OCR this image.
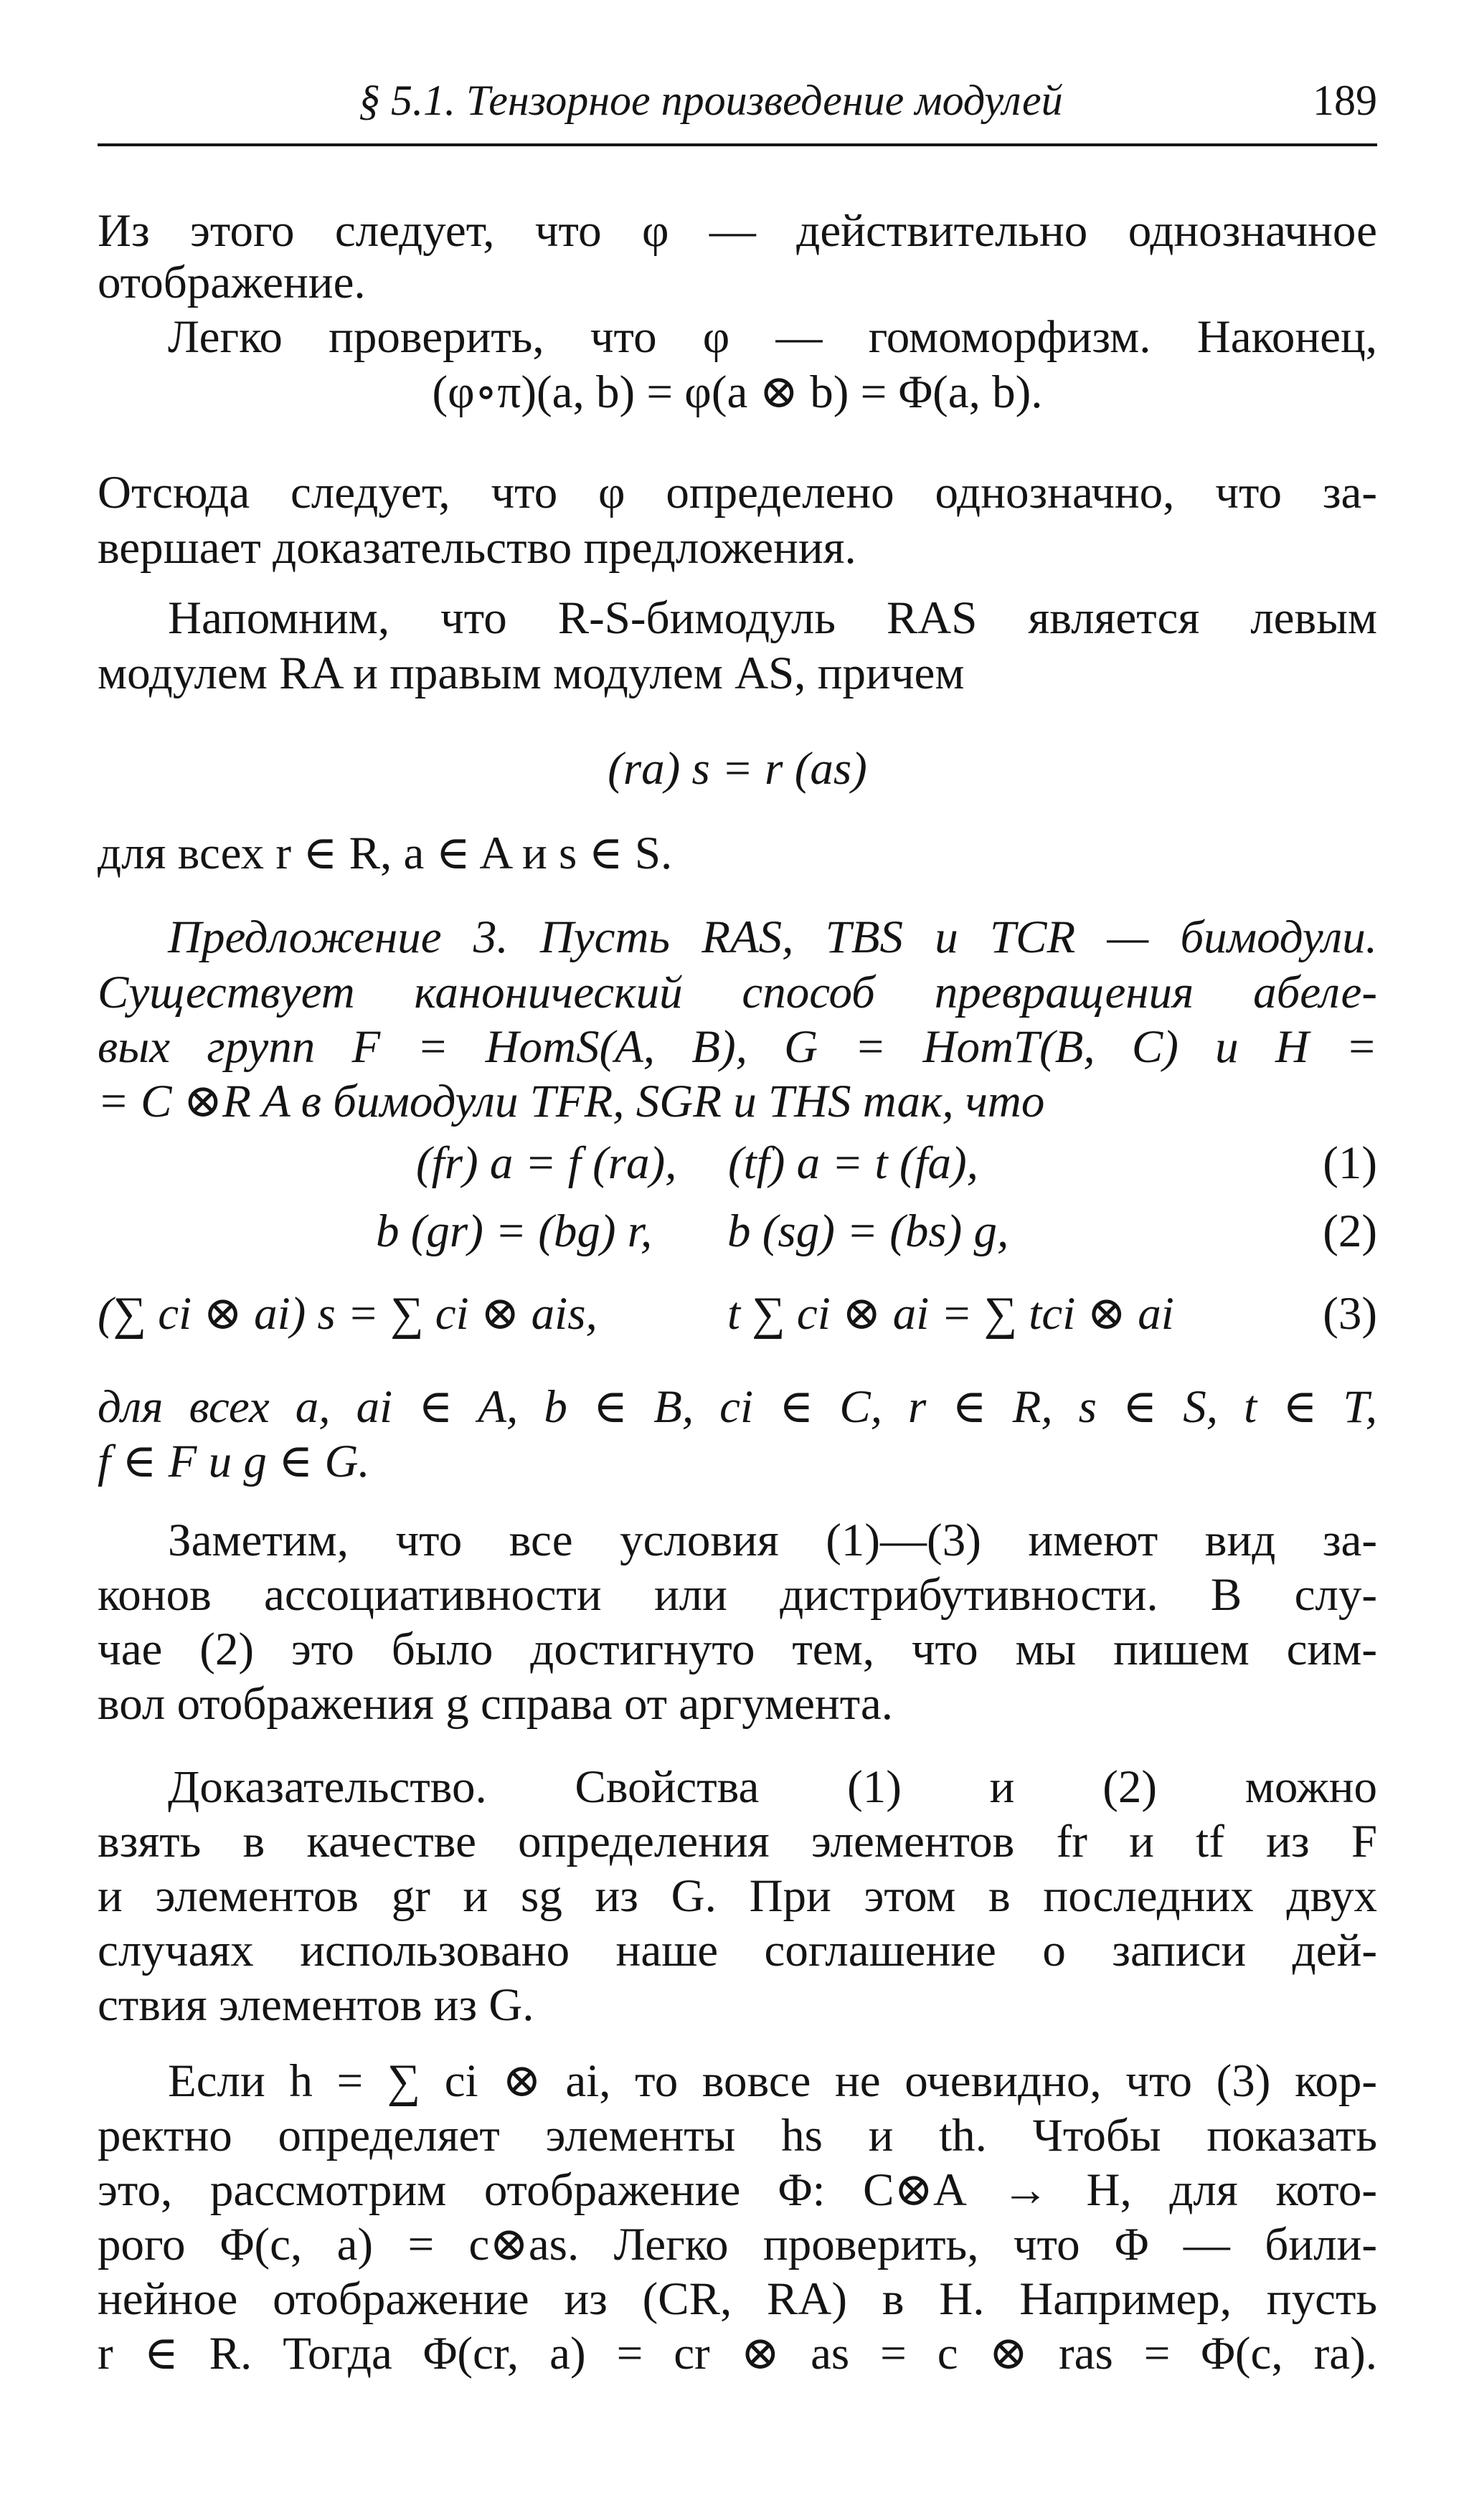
§ 5.1. Тензорное произведение модулей	189
Из этого следует, что φ — действительно однозначное
отображение.
Легко проверить, что φ — гомоморфизм. Наконец,
(φ∘π)(a, b) = φ(a ⊗ b) = Φ(a, b).
Отсюда следует, что φ определено однозначно, что за-
вершает доказательство предложения.
Напомним, что R-S-бимодуль RAS является левым
модулем RA и правым модулем AS, причем
(ra) s = r (as)
для всех r ∈ R, a ∈ A и s ∈ S.
Предложение 3. Пусть RAS, TBS и TCR — бимодули.
Существует канонический способ превращения абеле-
вых групп F = HomS(A, B), G = HomT(B, C) и H =
= C ⊗R A в бимодули TFR, SGR и THS так, что
(fr) a = f (ra), (tf) a = t (fa),	(1)
b (gr) = (bg) r, b (sg) = (bs) g,	(2)
(∑ ci ⊗ ai) s = ∑ ci ⊗ ais,	t ∑ ci ⊗ ai = ∑ tci ⊗ ai	(3)
для всех a, ai ∈ A, b ∈ B, ci ∈ C, r ∈ R, s ∈ S, t ∈ T,
f ∈ F и g ∈ G.
Заметим, что все условия (1)—(3) имеют вид за-
конов ассоциативности или дистрибутивности. В слу-
чае (2) это было достигнуто тем, что мы пишем сим-
вол отображения g справа от аргумента.
Доказательство. Свойства (1) и (2) можно
взять в качестве определения элементов fr и tf из F
и элементов gr и sg из G. При этом в последних двух
случаях использовано наше соглашение о записи дей-
ствия элементов из G.
Если h = ∑ ci ⊗ ai, то вовсе не очевидно, что (3) кор-
ректно определяет элементы hs и th. Чтобы показать
это, рассмотрим отображение Φ: C⊗A → H, для кото-
рого Φ(c, a) = c⊗as. Легко проверить, что Φ — били-
нейное отображение из (CR, RA) в H. Например, пусть
r ∈ R. Тогда Φ(cr, a) = cr ⊗ as = c ⊗ ras = Φ(c, ra).
